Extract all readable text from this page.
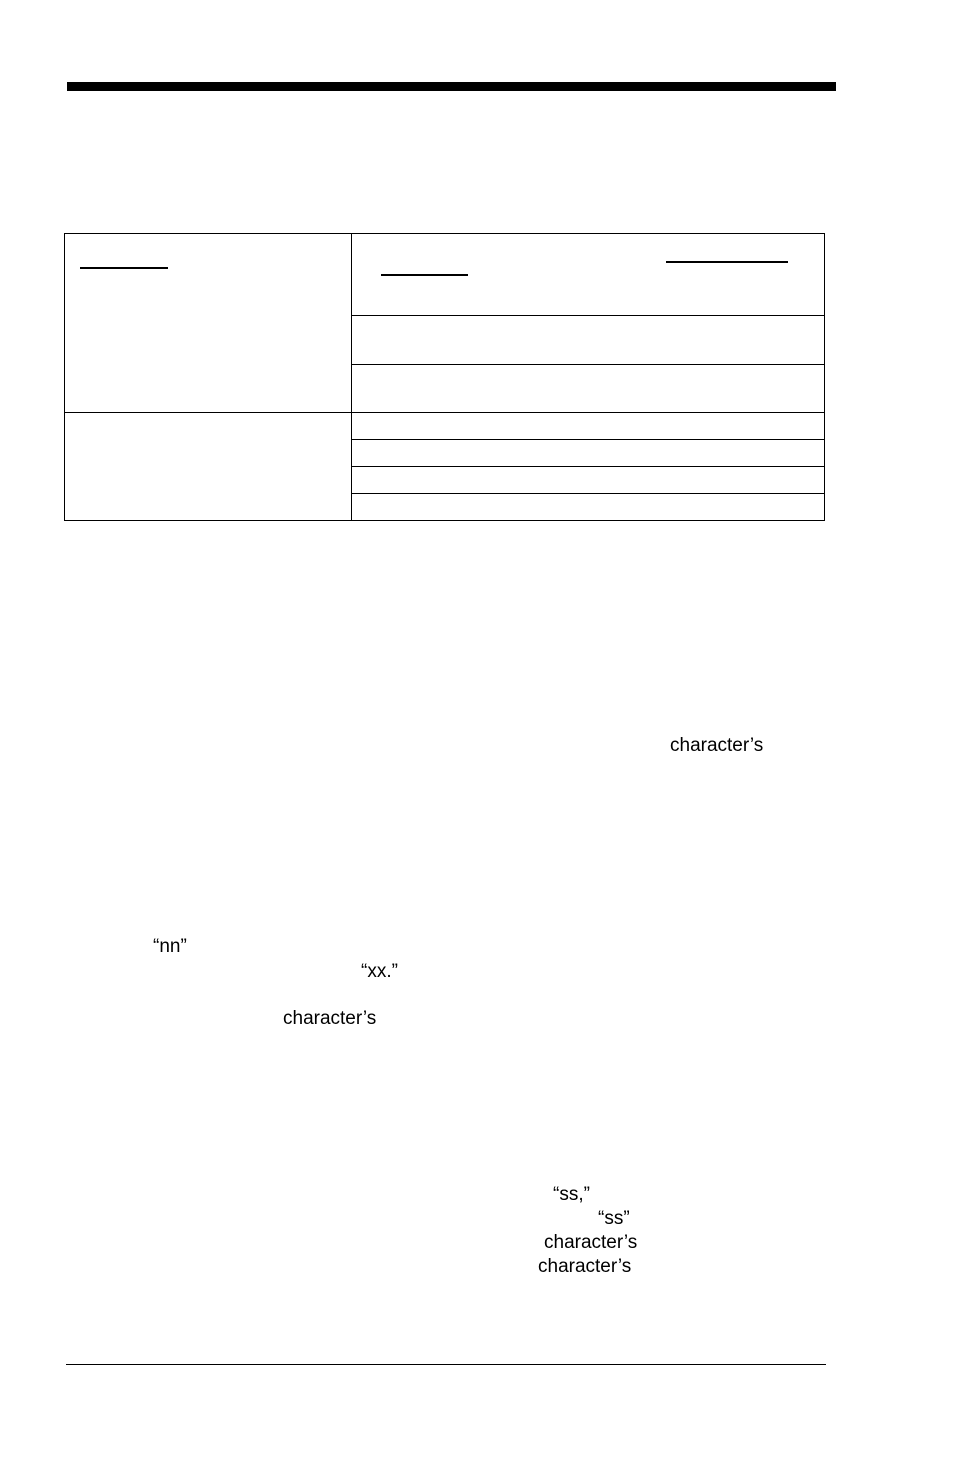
character’s
“nn”
“xx.”
character’s
“ss,”
“ss”
character’s
character’s
